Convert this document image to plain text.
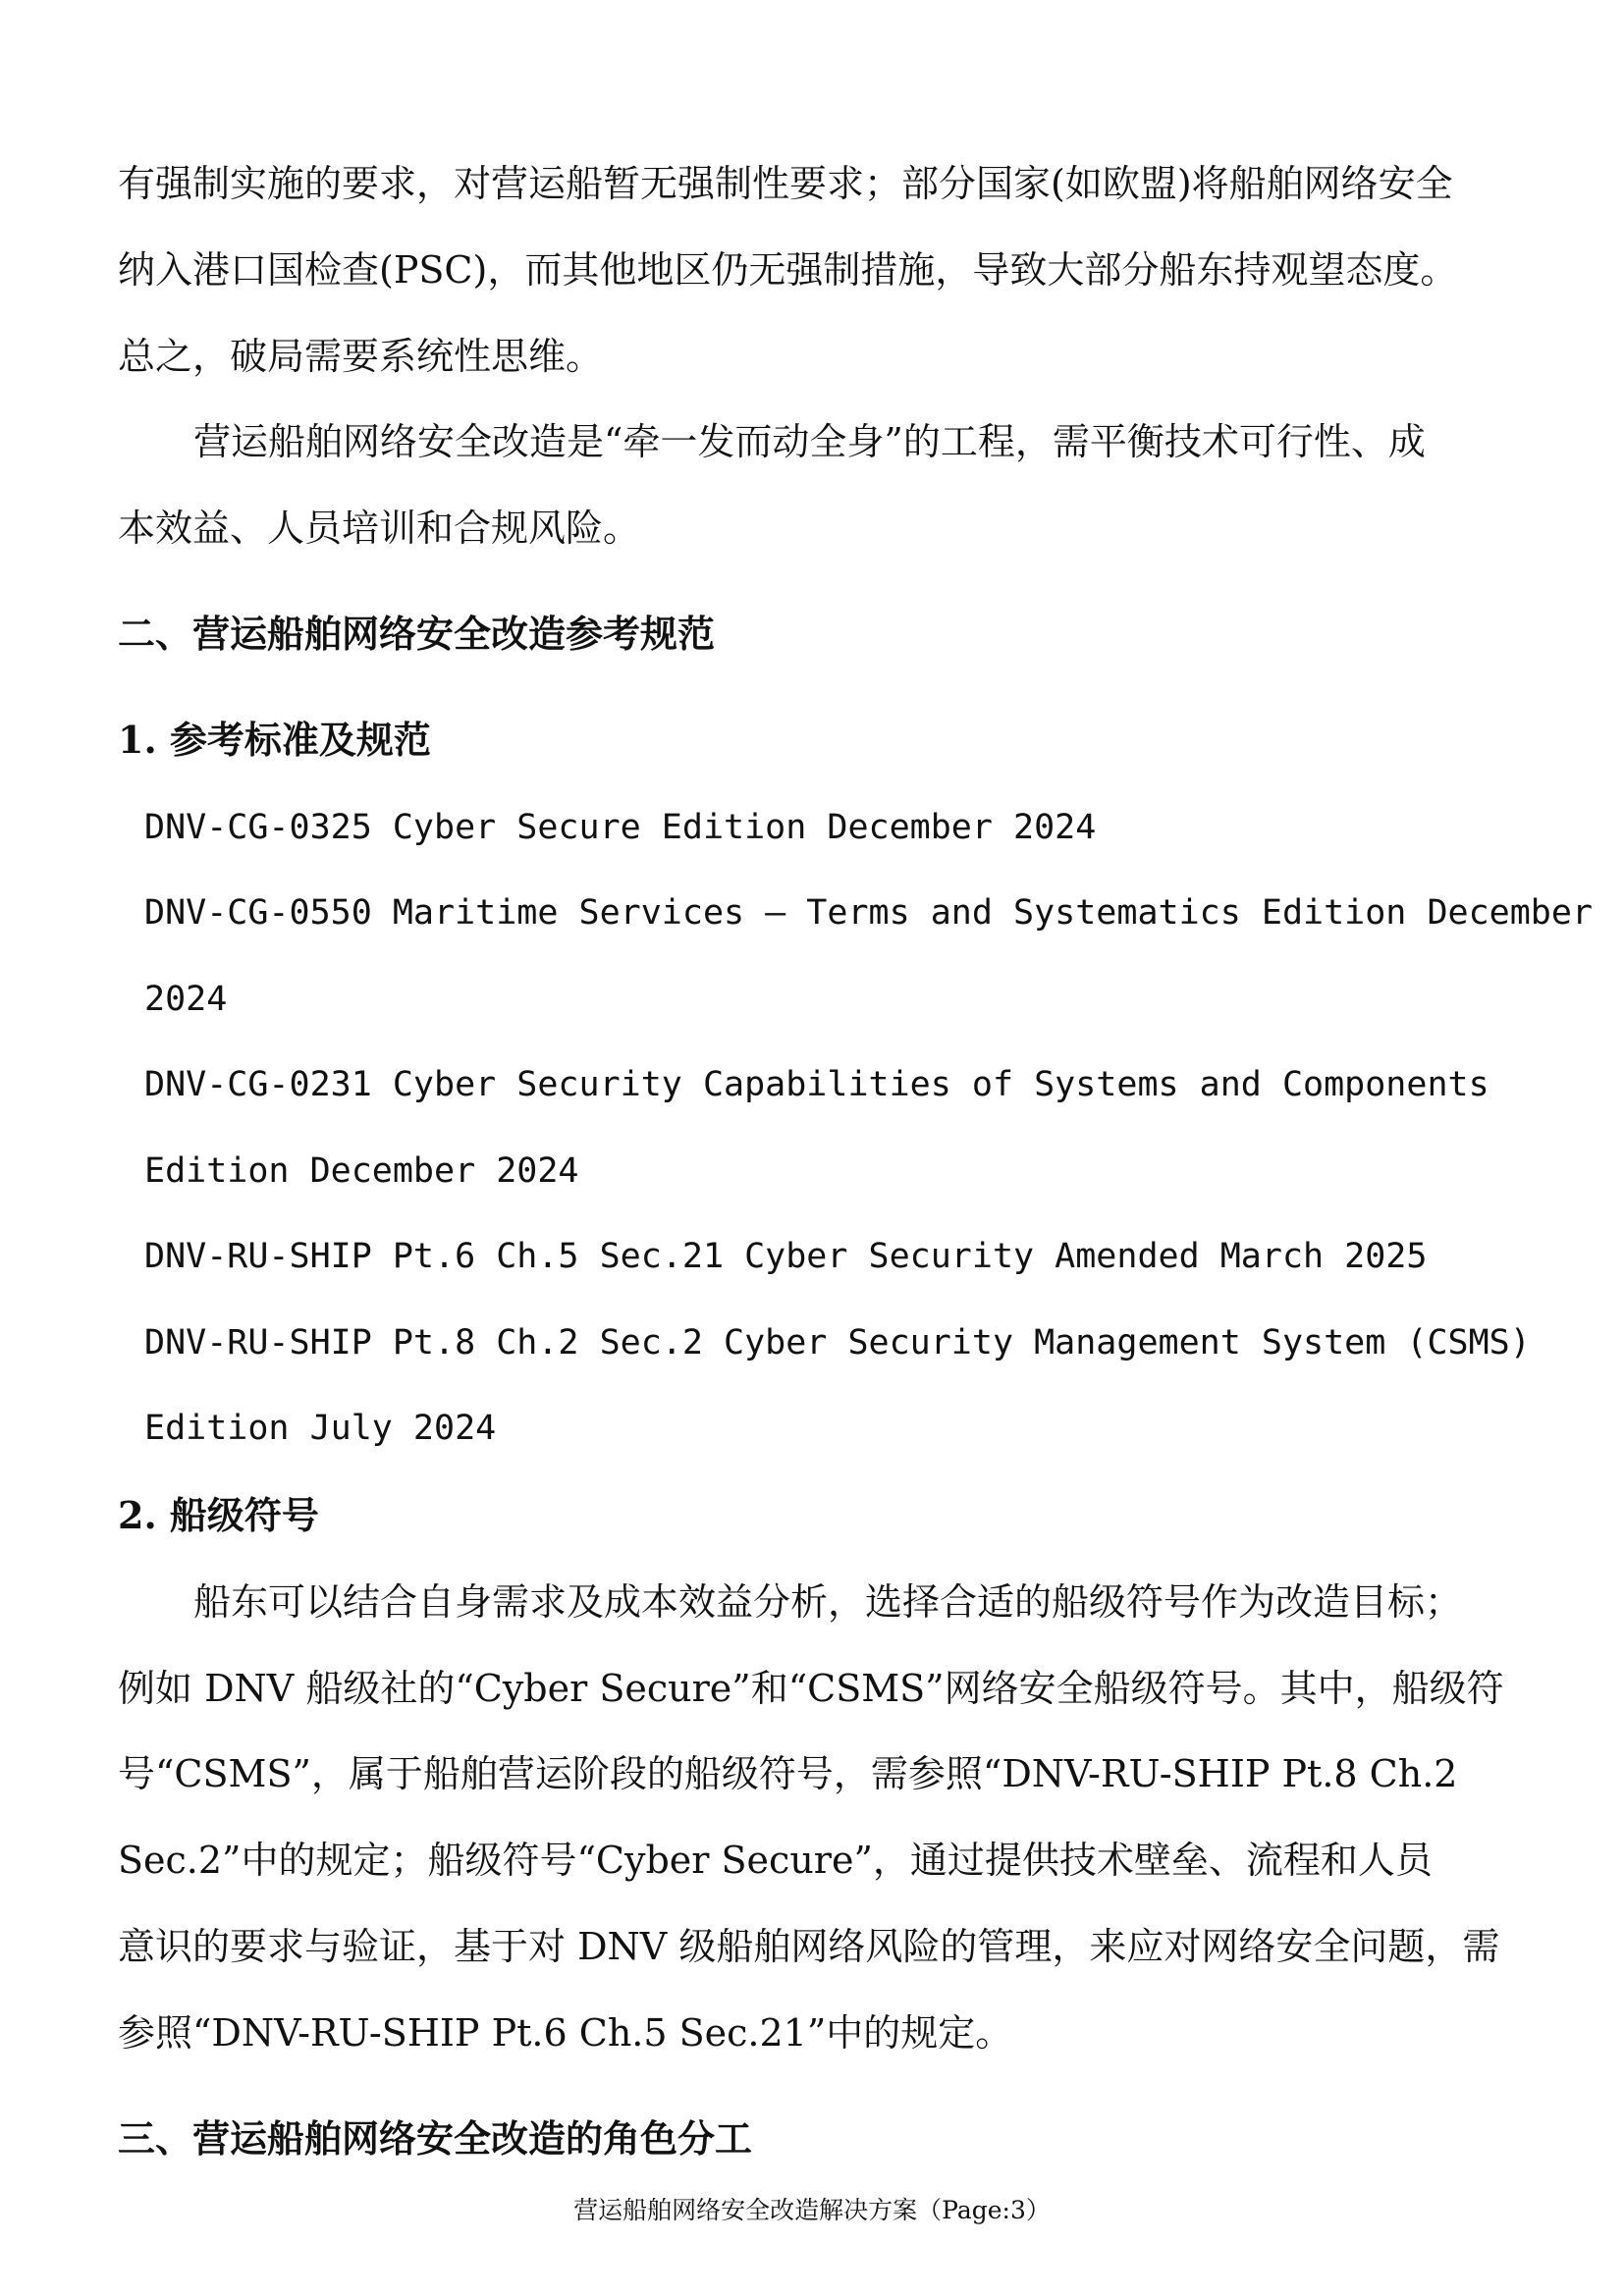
有强制实施的要求，对营运船暂无强制性要求；部分国家(如欧盟)将船舶网络安全
纳入港口国检查(PSC)，而其他地区仍无强制措施，导致大部分船东持观望态度。
总之，破局需要系统性思维。
营运船舶网络安全改造是“牵一发而动全身”的工程，需平衡技术可行性、成
本效益、人员培训和合规风险。
二、营运船舶网络安全改造参考规范
1. 参考标准及规范
DNV-CG-0325 Cyber Secure Edition December 2024
DNV-CG-0550 Maritime Services – Terms and Systematics Edition December
2024
DNV-CG-0231 Cyber Security Capabilities of Systems and Components
Edition December 2024
DNV-RU-SHIP Pt.6 Ch.5 Sec.21 Cyber Security Amended March 2025
DNV-RU-SHIP Pt.8 Ch.2 Sec.2 Cyber Security Management System (CSMS)
Edition July 2024
2. 船级符号
船东可以结合自身需求及成本效益分析，选择合适的船级符号作为改造目标；
例如 DNV 船级社的“Cyber Secure”和“CSMS”网络安全船级符号。其中，船级符
号“CSMS”，属于船舶营运阶段的船级符号，需参照“DNV-RU-SHIP Pt.8 Ch.2
Sec.2”中的规定；船级符号“Cyber Secure”，通过提供技术壁垒、流程和人员
意识的要求与验证，基于对 DNV 级船舶网络风险的管理，来应对网络安全问题，需
参照“DNV-RU-SHIP Pt.6 Ch.5 Sec.21”中的规定。
三、营运船舶网络安全改造的角色分工
营运船舶网络安全改造解决方案（Page:3）
